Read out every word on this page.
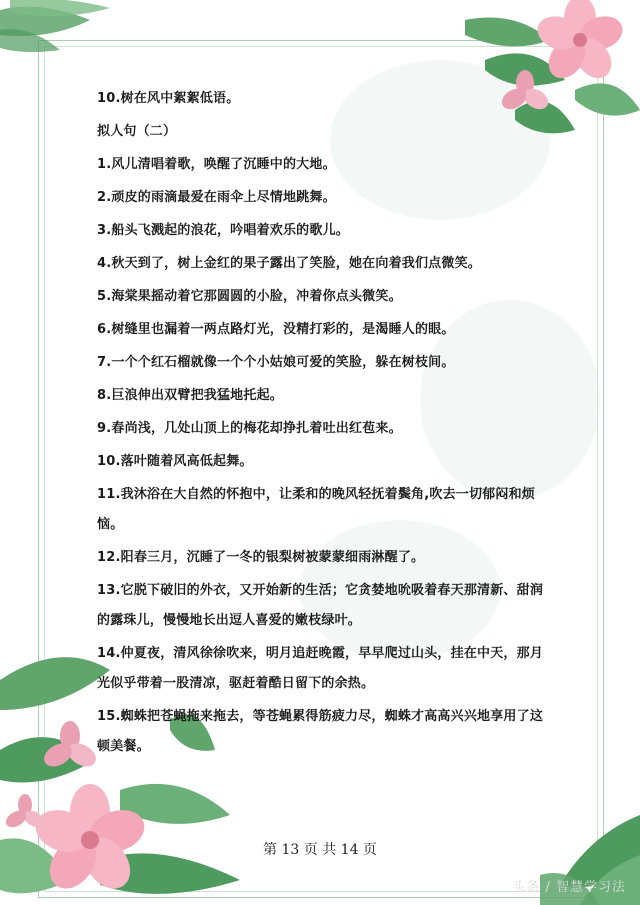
10.树在风中絮絮低语。
拟人句（二）
1.风儿清唱着歌，唤醒了沉睡中的大地。
2.顽皮的雨滴最爱在雨伞上尽情地跳舞。
3.船头飞溅起的浪花，吟唱着欢乐的歌儿。
4.秋天到了，树上金红的果子露出了笑脸，她在向着我们点微笑。
5.海棠果摇动着它那圆圆的小脸，冲着你点头微笑。
6.树缝里也漏着一两点路灯光，没精打彩的，是渴睡人的眼。
7.一个个红石榴就像一个个小姑娘可爱的笑脸，躲在树枝间。
8.巨浪伸出双臂把我猛地托起。
9.春尚浅，几处山顶上的梅花却挣扎着吐出红苞来。
10.落叶随着风高低起舞。
11.我沐浴在大自然的怀抱中，让柔和的晚风轻抚着鬓角,吹去一切郁闷和烦恼。
12.阳春三月，沉睡了一冬的银梨树被蒙蒙细雨淋醒了。
13.它脱下破旧的外衣，又开始新的生活；它贪婪地吮吸着春天那清新、甜润的露珠儿，慢慢地长出逗人喜爱的嫩枝绿叶。
14.仲夏夜，清风徐徐吹来，明月追赶晚霞，早早爬过山头，挂在中天，那月光似乎带着一股清凉，驱赶着酷日留下的余热。
15.蜘蛛把苍蝇拖来拖去，等苍蝇累得筋疲力尽，蜘蛛才高高兴兴地享用了这顿美餐。
第 13 页 共 14 页
头条 / 智慧学习法
